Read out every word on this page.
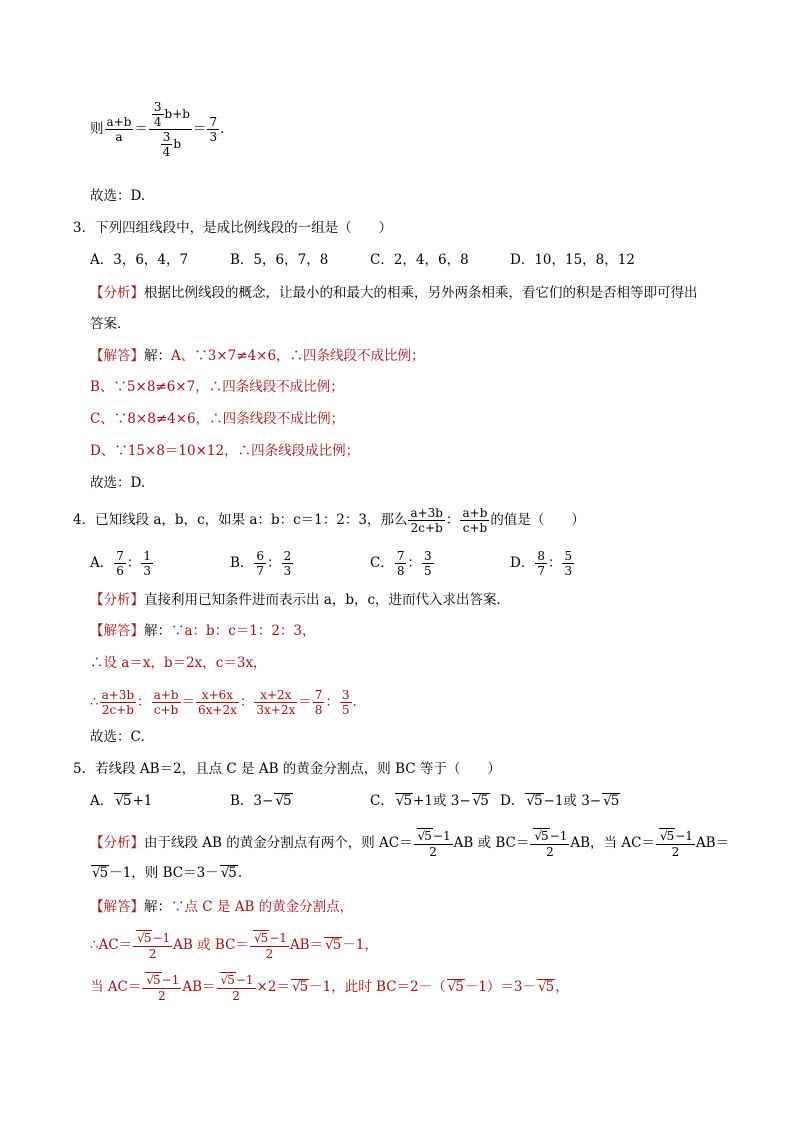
则 $\frac{a+b}{a} = \frac{\frac{3}{4} b+b}{\frac{3}{4} b} = \frac{7}{3}$ .
故选：D.
3．下列四组线段中，是成比例线段的一组是（　　）
A．3，6，4，7	B．5，6，7，8	C．2，4，6，8	D．10，15，8，12
【分析】根据比例线段的概念，让最小的和最大的相乘，另外两条相乘，看它们的积是否相等即可得出
答案．
【解答】解：A、∵3×7≠4×6，∴四条线段不成比例；
B、∵5×8≠6×7，∴四条线段不成比例；
C、∵8×8≠4×6，∴四条线段不成比例；
D、∵15×8＝10×12，∴四条线段成比例；
故选：D.
4．已知线段 a，b，c，如果 a：b：c＝1：2：3，那么 $\frac{a+3b}{2c+b}$ ： $\frac{a+b}{c+b}$ 的值是（　　）
A． $\frac{7}{6}$ ： $\frac{1}{3}$	B． $\frac{6}{7}$ ： $\frac{2}{3}$	C． $\frac{7}{8}$ ： $\frac{3}{5}$	D． $\frac{8}{7}$ ： $\frac{5}{3}$
【分析】直接利用已知条件进而表示出 a，b，c，进而代入求出答案．
【解答】解：∵a：b：c＝1：2：3，
∴设 a＝x，b＝2x，c＝3x，
∴ $\frac{a+3b}{2c+b}$ ： $\frac{a+b}{c+b} = \frac{x+6x}{6x+2x}$ ： $\frac{x+2x}{3x+2x} = \frac{7}{8}$ ： $\frac{3}{5}$ .
故选：C.
5．若线段 AB＝2，且点 C 是 AB 的黄金分割点，则 BC 等于（　　）
A．√ 5+1	B．3−√ 5	C．√ 5+1或 3−√ 5 D．√ 5−1或 3−√ 5
【分析】由于线段 AB 的黄金分割点有两个，则 AC＝
√ $\frac{5-1}{2}$ AB 或 BC＝
√ $\frac{5-1}{2}$ AB，当 AC＝
√ $\frac{5-1}{2} AB=$
√ 5－1，则 BC＝3－√ 5.
【解答】解：∵点 C 是 AB 的黄金分割点，
∴AC＝
√ $\frac{5-1}{2}$ AB 或 BC＝
√ $\frac{5-1}{2} AB=√$ 5－1，
当 AC＝
√ $\frac{5-1}{2} AB=$
√ $\frac{5-1}{2} \times 2=√$ 5－1，此时 BC＝2－（√ 5－1）＝3－√ 5，
